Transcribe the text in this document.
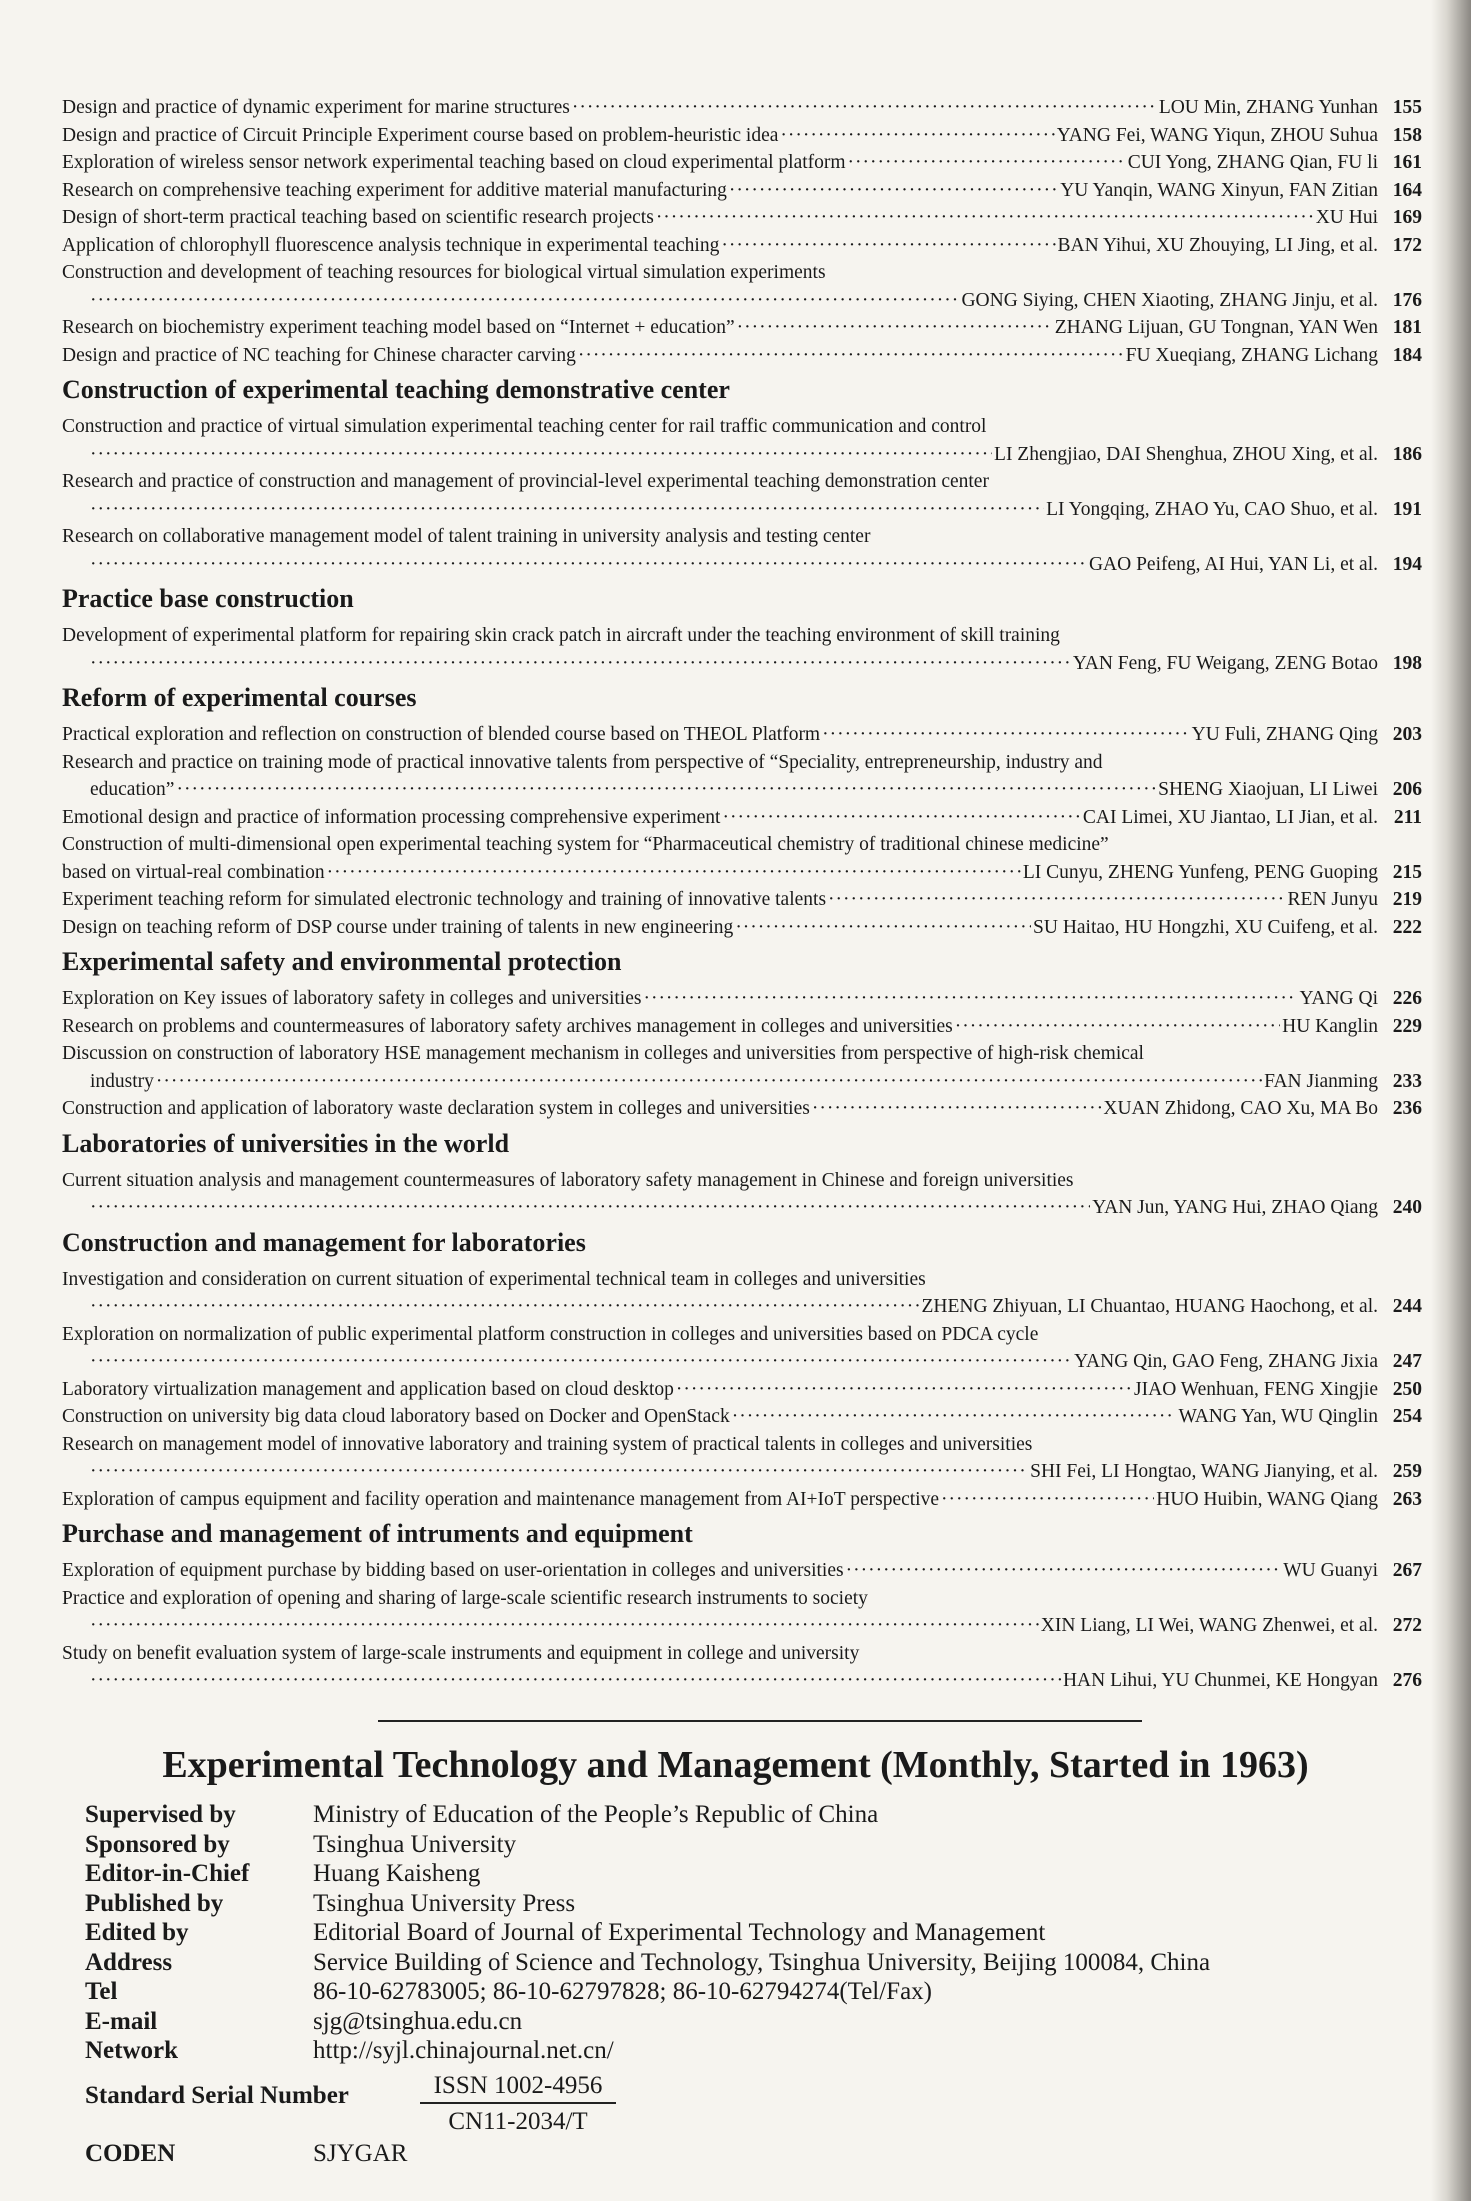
Design and practice of dynamic experiment for marine structures ·····	LOU Min, ZHANG Yunhan 155
Design and practice of Circuit Principle Experiment course based on problem-heuristic idea ·····	YANG Fei, WANG Yiqun, ZHOU Suhua 158
Exploration of wireless sensor network experimental teaching based on cloud experimental platform ·····	CUI Yong, ZHANG Qian, FU li 161
Research on comprehensive teaching experiment for additive material manufacturing ·····	YU Yanqin, WANG Xinyun, FAN Zitian 164
Design of short-term practical teaching based on scientific research projects ·····	XU Hui 169
Application of chlorophyll fluorescence analysis technique in experimental teaching ·····	BAN Yihui, XU Zhouying, LI Jing, et al. 172
Construction and development of teaching resources for biological virtual simulation experiments
·····
GONG Siying, CHEN Xiaoting, ZHANG Jinju, et al. 176
Research on biochemistry experiment teaching model based on “Internet + education” ·····	ZHANG Lijuan, GU Tongnan, YAN Wen 181
Design and practice of NC teaching for Chinese character carving ·····	FU Xueqiang, ZHANG Lichang 184
Construction of experimental teaching demonstrative center
Construction and practice of virtual simulation experimental teaching center for rail traffic communication and control
·····
LI Zhengjiao, DAI Shenghua, ZHOU Xing, et al. 186
Research and practice of construction and management of provincial-level experimental teaching demonstration center
·····
LI Yongqing, ZHAO Yu, CAO Shuo, et al. 191
Research on collaborative management model of talent training in university analysis and testing center
·····
GAO Peifeng, AI Hui, YAN Li, et al. 194
Practice base construction
Development of experimental platform for repairing skin crack patch in aircraft under the teaching environment of skill training
·····
YAN Feng, FU Weigang, ZENG Botao 198
Reform of experimental courses
Practical exploration and reflection on construction of blended course based on THEOL Platform ·····	YU Fuli, ZHANG Qing 203
Research and practice on training mode of practical innovative talents from perspective of “Speciality, entrepreneurship, industry and
education” ·····	SHENG Xiaojuan, LI Liwei 206
Emotional design and practice of information processing comprehensive experiment ·····	CAI Limei, XU Jiantao, LI Jian, et al. 211
Construction of multi-dimensional open experimental teaching system for “Pharmaceutical chemistry of traditional chinese medicine”
based on virtual-real combination ·····	LI Cunyu, ZHENG Yunfeng, PENG Guoping 215
Experiment teaching reform for simulated electronic technology and training of innovative talents ·····	REN Junyu 219
Design on teaching reform of DSP course under training of talents in new engineering ·····	SU Haitao, HU Hongzhi, XU Cuifeng, et al. 222
Experimental safety and environmental protection
Exploration on Key issues of laboratory safety in colleges and universities ·····	YANG Qi 226
Research on problems and countermeasures of laboratory safety archives management in colleges and universities ·····	HU Kanglin 229
Discussion on construction of laboratory HSE management mechanism in colleges and universities from perspective of high-risk chemical
industry ·····	FAN Jianming 233
Construction and application of laboratory waste declaration system in colleges and universities ·····	XUAN Zhidong, CAO Xu, MA Bo 236
Laboratories of universities in the world
Current situation analysis and management countermeasures of laboratory safety management in Chinese and foreign universities
·····
YAN Jun, YANG Hui, ZHAO Qiang 240
Construction and management for laboratories
Investigation and consideration on current situation of experimental technical team in colleges and universities
·····
ZHENG Zhiyuan, LI Chuantao, HUANG Haochong, et al. 244
Exploration on normalization of public experimental platform construction in colleges and universities based on PDCA cycle
·····
YANG Qin, GAO Feng, ZHANG Jixia 247
Laboratory virtualization management and application based on cloud desktop ·····	JIAO Wenhuan, FENG Xingjie 250
Construction on university big data cloud laboratory based on Docker and OpenStack ·····	WANG Yan, WU Qinglin 254
Research on management model of innovative laboratory and training system of practical talents in colleges and universities
·····
SHI Fei, LI Hongtao, WANG Jianying, et al. 259
Exploration of campus equipment and facility operation and maintenance management from AI+IoT perspective ·····	HUO Huibin, WANG Qiang 263
Purchase and management of intruments and equipment
Exploration of equipment purchase by bidding based on user-orientation in colleges and universities ·····	WU Guanyi 267
Practice and exploration of opening and sharing of large-scale scientific research instruments to society
·····
XIN Liang, LI Wei, WANG Zhenwei, et al. 272
Study on benefit evaluation system of large-scale instruments and equipment in college and university
·····
HAN Lihui, YU Chunmei, KE Hongyan 276
Experimental Technology and Management (Monthly, Started in 1963)
Supervised by	Ministry of Education of the People’s Republic of China
Sponsored by	Tsinghua University
Editor-in-Chief	Huang Kaisheng
Published by	Tsinghua University Press
Edited by	Editorial Board of Journal of Experimental Technology and Management
Address	Service Building of Science and Technology, Tsinghua University, Beijing 100084, China
Tel	86-10-62783005; 86-10-62797828; 86-10-62794274(Tel/Fax)
E-mail	sjg@tsinghua.edu.cn
Network	http://syjl.chinajournal.net.cn/
Standard Serial Number	ISSN 1002-4956
CN11-2034/T
CODEN	SJYGAR
